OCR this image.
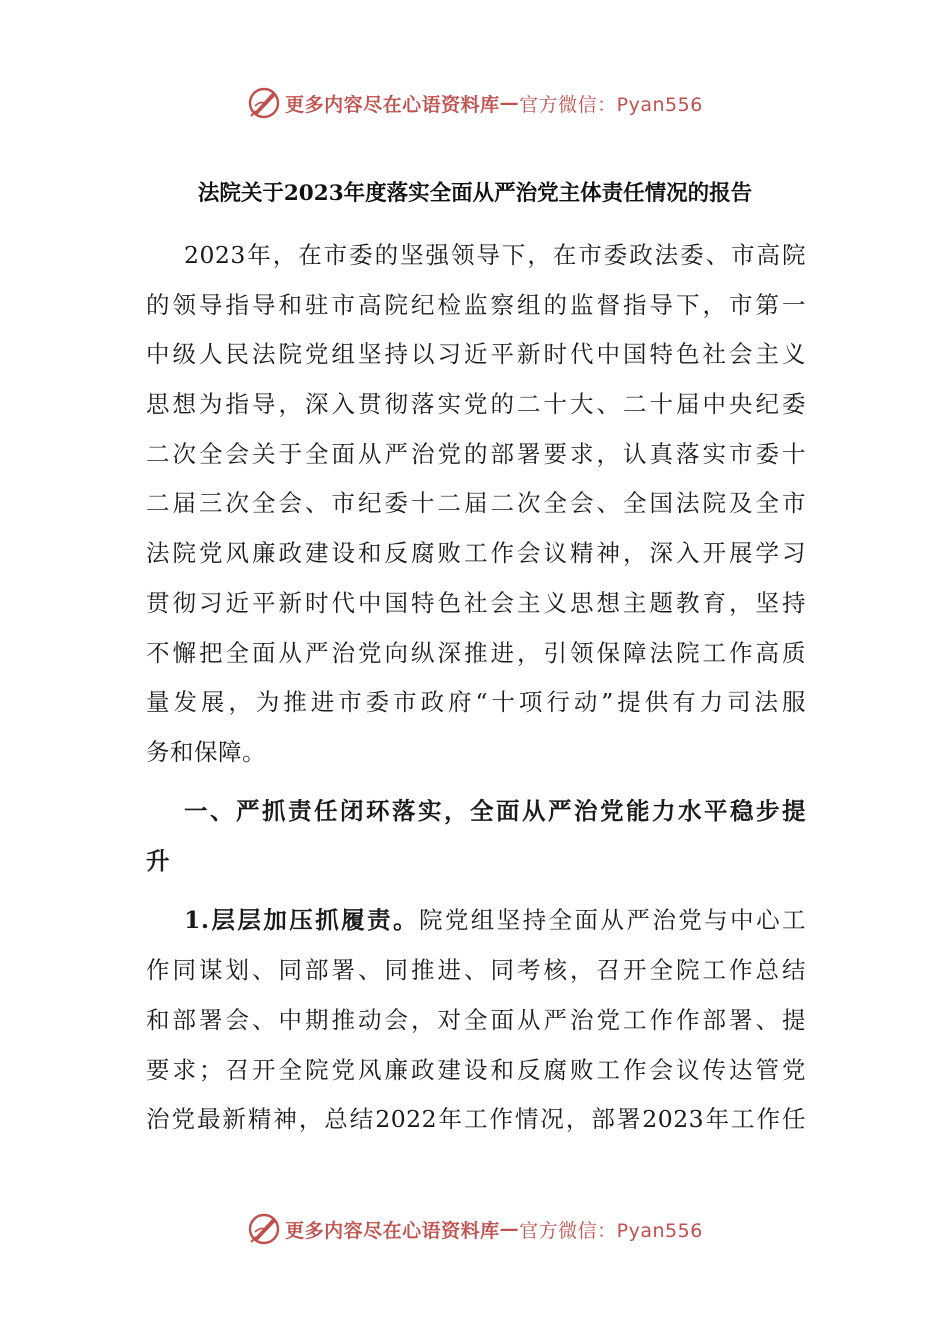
更多内容尽在心语资料库 — 官方微信：Pyan556
法院关于2023年度落实全面从严治党主体责任情况的报告
2023年，在市委的坚强领导下，在市委政法委、市高院
的领导指导和驻市高院纪检监察组的监督指导下，市第一
中级人民法院党组坚持以习近平新时代中国特色社会主义
思想为指导，深入贯彻落实党的二十大、二十届中央纪委
二次全会关于全面从严治党的部署要求，认真落实市委十
二届三次全会、市纪委十二届二次全会、全国法院及全市
法院党风廉政建设和反腐败工作会议精神，深入开展学习
贯彻习近平新时代中国特色社会主义思想主题教育，坚持
不懈把全面从严治党向纵深推进，引领保障法院工作高质
量发展，为推进市委市政府“十项行动”提供有力司法服
务和保障。
一、严抓责任闭环落实，全面从严治党能力水平稳步提
升
1.层层加压抓履责。院党组坚持全面从严治党与中心工
作同谋划、同部署、同推进、同考核，召开全院工作总结
和部署会、中期推动会，对全面从严治党工作作部署、提
要求；召开全院党风廉政建设和反腐败工作会议传达管党
治党最新精神，总结2022年工作情况，部署2023年工作任
更多内容尽在心语资料库 — 官方微信：Pyan556
